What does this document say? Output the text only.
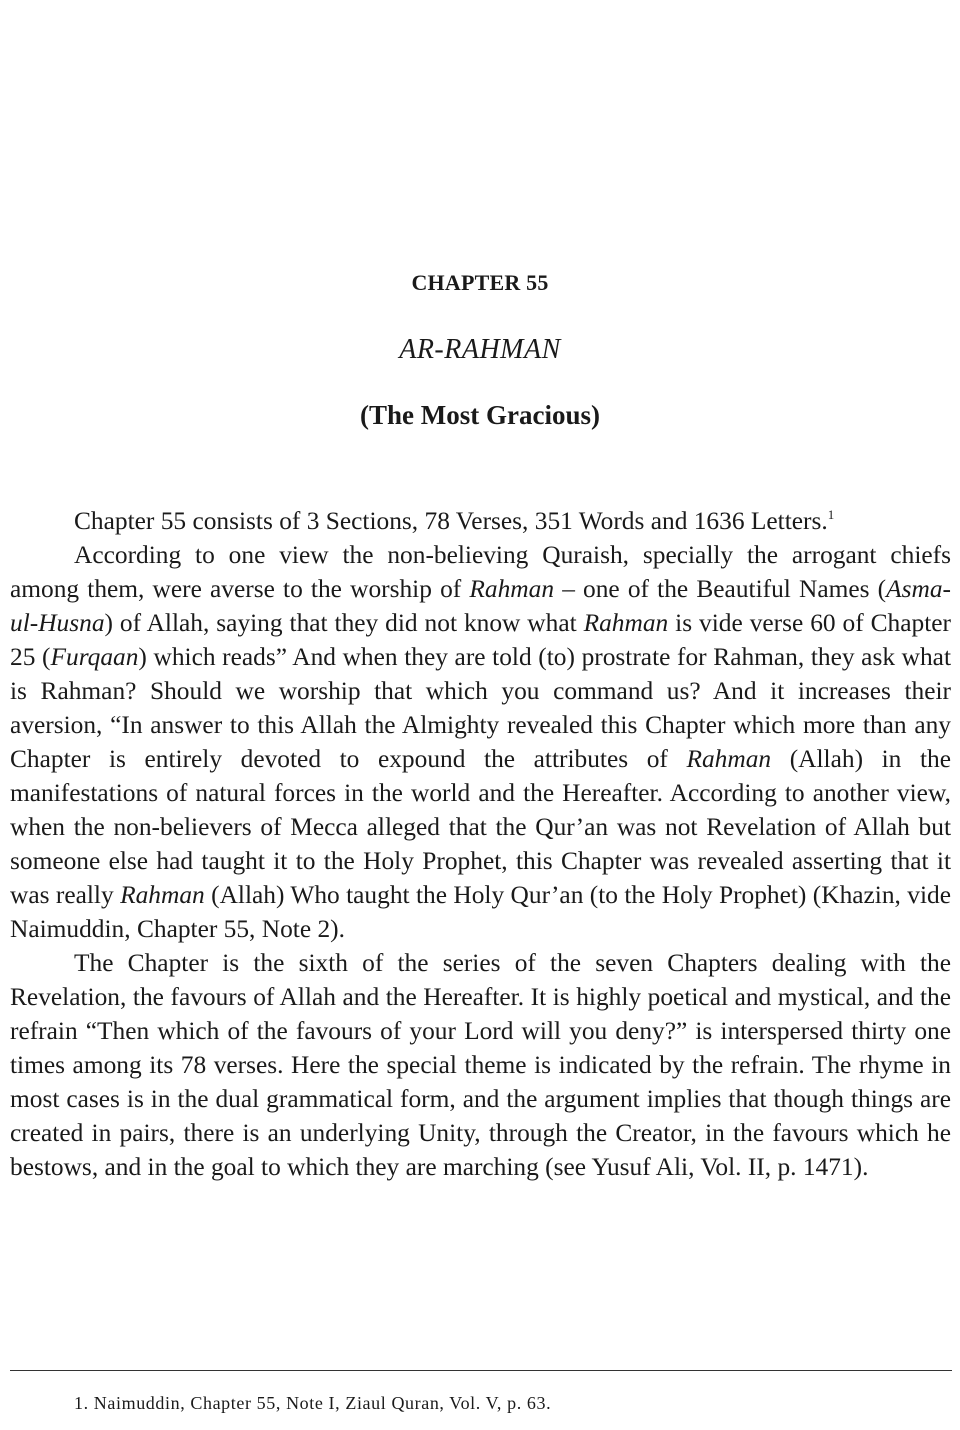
CHAPTER 55
AR-RAHMAN
(The Most Gracious)

Chapter 55 consists of 3 Sections, 78 Verses, 351 Words and 1636 Letters.$^1$

According to one view the non-believing Quraish, specially the arrogant chiefs among them, were averse to the worship of Rahman – one of the Beautiful Names (Asma-ul-Husna) of Allah, saying that they did not know what Rahman is vide verse 60 of Chapter 25 (Furqaan) which reads” And when they are told (to) prostrate for Rahman, they ask what is Rahman? Should we worship that which you command us? And it increases their aversion, “In answer to this Allah the Almighty revealed this Chapter which more than any Chapter is entirely devoted to expound the attributes of Rahman (Allah) in the manifestations of natural forces in the world and the Hereafter. According to another view, when the non-believers of Mecca alleged that the Qur’an was not Revelation of Allah but someone else had taught it to the Holy Prophet, this Chapter was revealed asserting that it was really Rahman (Allah) Who taught the Holy Qur’an (to the Holy Prophet) (Khazin, vide Naimuddin, Chapter 55, Note 2).

The Chapter is the sixth of the series of the seven Chapters dealing with the Revelation, the favours of Allah and the Hereafter. It is highly poetical and mystical, and the refrain “Then which of the favours of your Lord will you deny?” is interspersed thirty one times among its 78 verses. Here the special theme is indicated by the refrain. The rhyme in most cases is in the dual grammatical form, and the argument implies that though things are created in pairs, there is an underlying Unity, through the Creator, in the favours which he bestows, and in the goal to which they are marching (see Yusuf Ali, Vol. II, p. 1471).

1. Naimuddin, Chapter 55, Note I, Ziaul Quran, Vol. V, p. 63.
